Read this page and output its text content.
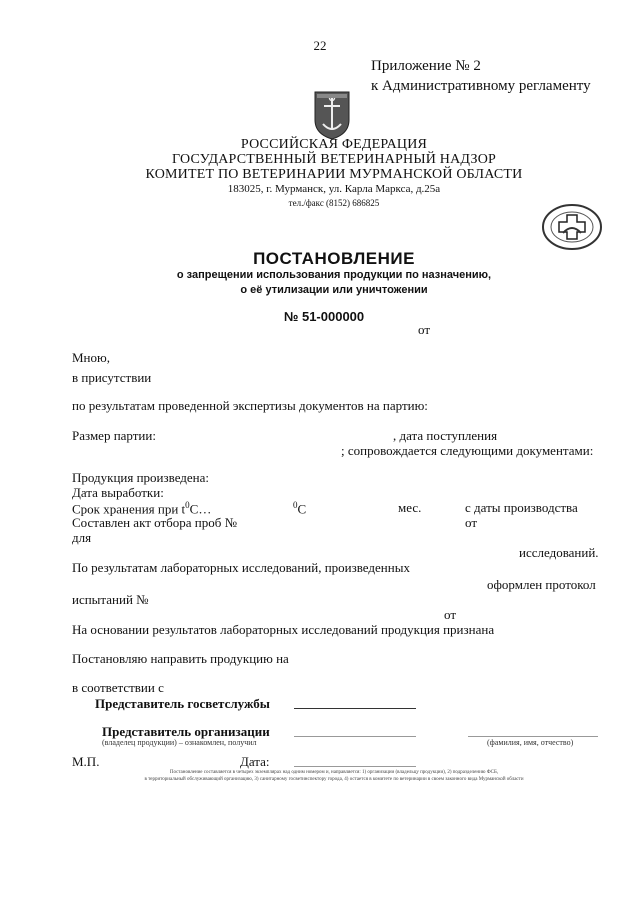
22
Приложение № 2
к Административному регламенту
РОССИЙСКАЯ ФЕДЕРАЦИЯ
ГОСУДАРСТВЕННЫЙ ВЕТЕРИНАРНЫЙ НАДЗОР
КОМИТЕТ ПО ВЕТЕРИНАРИИ МУРМАНСКОЙ ОБЛАСТИ
183025, г. Мурманск, ул. Карла Маркса, д.25а
тел./факс (8152) 686825
ПОСТАНОВЛЕНИЕ
о запрещении использования продукции по назначению,
о её утилизации или уничтожении
№ 51-000000
от
Мною,
в присутствии
по результатам проведенной экспертизы документов на партию:
Размер партии:	, дата поступления
; сопровождается следующими документами:
Продукция произведена:
Дата выработки:
Срок хранения при $t^0С\dots$	$^0$С	мес.	с даты производства
Составлен акт отбора проб №	от
для
исследований.
По результатам лабораторных исследований, произведенных
оформлен протокол
испытаний №
от
На основании результатов лабораторных исследований продукция признана
Постановляю направить продукцию на
в соответствии с
Представитель госветслужбы
Представитель организации
(владелец продукции) – ознакомлен, получил	(фамилия, имя, отчество)
М.П.	Дата:
Постановление составляется в четырех экземплярах над одним номером и, направляется: 1) организации (владельцу продукции), 2) подразделению ФСБ,
в территориальный обслуживающий организацию, 3) санитарному госветинспектору города, 4) остается в комитете по ветеринарии в своем законного вида Мурманской области
